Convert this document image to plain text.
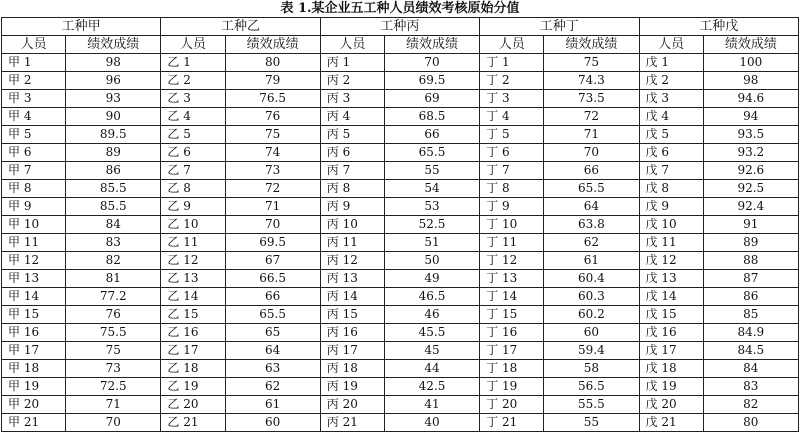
表 1.某企业五工种人员绩效考核原始分值
工种甲		工种乙		工种丙		工种丁		工种戊	
人员	绩效成绩	人员	绩效成绩	人员	绩效成绩	人员	绩效成绩	人员	绩效成绩
甲 1	98	乙 1	80	丙 1	70	丁 1	75	戊 1	100
甲 2	96	乙 2	79	丙 2	69.5	丁 2	74.3	戊 2	98
甲 3	93	乙 3	76.5	丙 3	69	丁 3	73.5	戊 3	94.6
甲 4	90	乙 4	76	丙 4	68.5	丁 4	72	戊 4	94
甲 5	89.5	乙 5	75	丙 5	66	丁 5	71	戊 5	93.5
甲 6	89	乙 6	74	丙 6	65.5	丁 6	70	戊 6	93.2
甲 7	86	乙 7	73	丙 7	55	丁 7	66	戊 7	92.6
甲 8	85.5	乙 8	72	丙 8	54	丁 8	65.5	戊 8	92.5
甲 9	85.5	乙 9	71	丙 9	53	丁 9	64	戊 9	92.4
甲 10	84	乙 10	70	丙 10	52.5	丁 10	63.8	戊 10	91
甲 11	83	乙 11	69.5	丙 11	51	丁 11	62	戊 11	89
甲 12	82	乙 12	67	丙 12	50	丁 12	61	戊 12	88
甲 13	81	乙 13	66.5	丙 13	49	丁 13	60.4	戊 13	87
甲 14	77.2	乙 14	66	丙 14	46.5	丁 14	60.3	戊 14	86
甲 15	76	乙 15	65.5	丙 15	46	丁 15	60.2	戊 15	85
甲 16	75.5	乙 16	65	丙 16	45.5	丁 16	60	戊 16	84.9
甲 17	75	乙 17	64	丙 17	45	丁 17	59.4	戊 17	84.5
甲 18	73	乙 18	63	丙 18	44	丁 18	58	戊 18	84
甲 19	72.5	乙 19	62	丙 19	42.5	丁 19	56.5	戊 19	83
甲 20	71	乙 20	61	丙 20	41	丁 20	55.5	戊 20	82
甲 21	70	乙 21	60	丙 21	40	丁 21	55	戊 21	80
